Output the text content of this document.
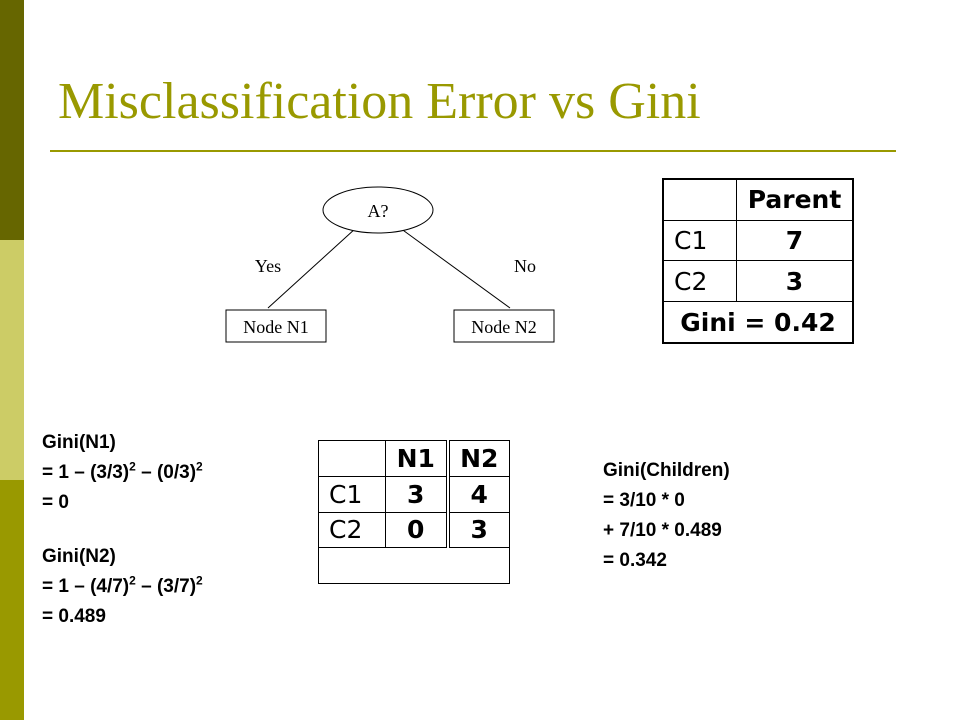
Misclassification Error vs Gini
A?
Yes	No
Node N1	Node N2
	Parent
C1	7
C2	3
Gini = 0.42	
	N1	N2
C1	3	4
C2	0	3

Gini(N1)
= $1 - (3/3)^2 - (0/3)^2$
= 0
Gini(N2)
= $1 - (4/7)^2 - (3/7)^2$
= 0.489
Gini(Children)
= 3/10 * 0
+ 7/10 * 0.489
= 0.342
